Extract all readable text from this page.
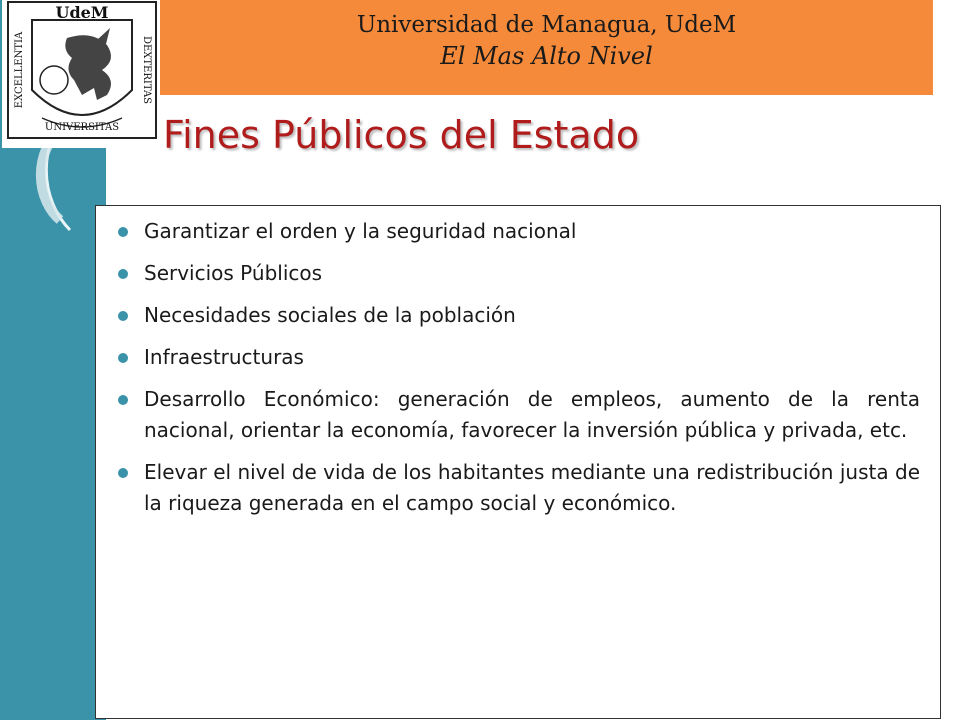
UdeM
EXCELLENTIA	DEXTERITAS
UNIVERSITAS
Universidad de Managua, UdeM
El Mas Alto Nivel
Fines Públicos del Estado
Garantizar el orden y la seguridad nacional
Servicios Públicos
Necesidades sociales de la población
Infraestructuras
Desarrollo Económico: generación de empleos, aumento de la renta nacional, orientar la economía, favorecer la inversión pública y privada, etc.
Elevar el nivel de vida de los habitantes mediante una redistribución justa de la riqueza generada en el campo social y económico.
